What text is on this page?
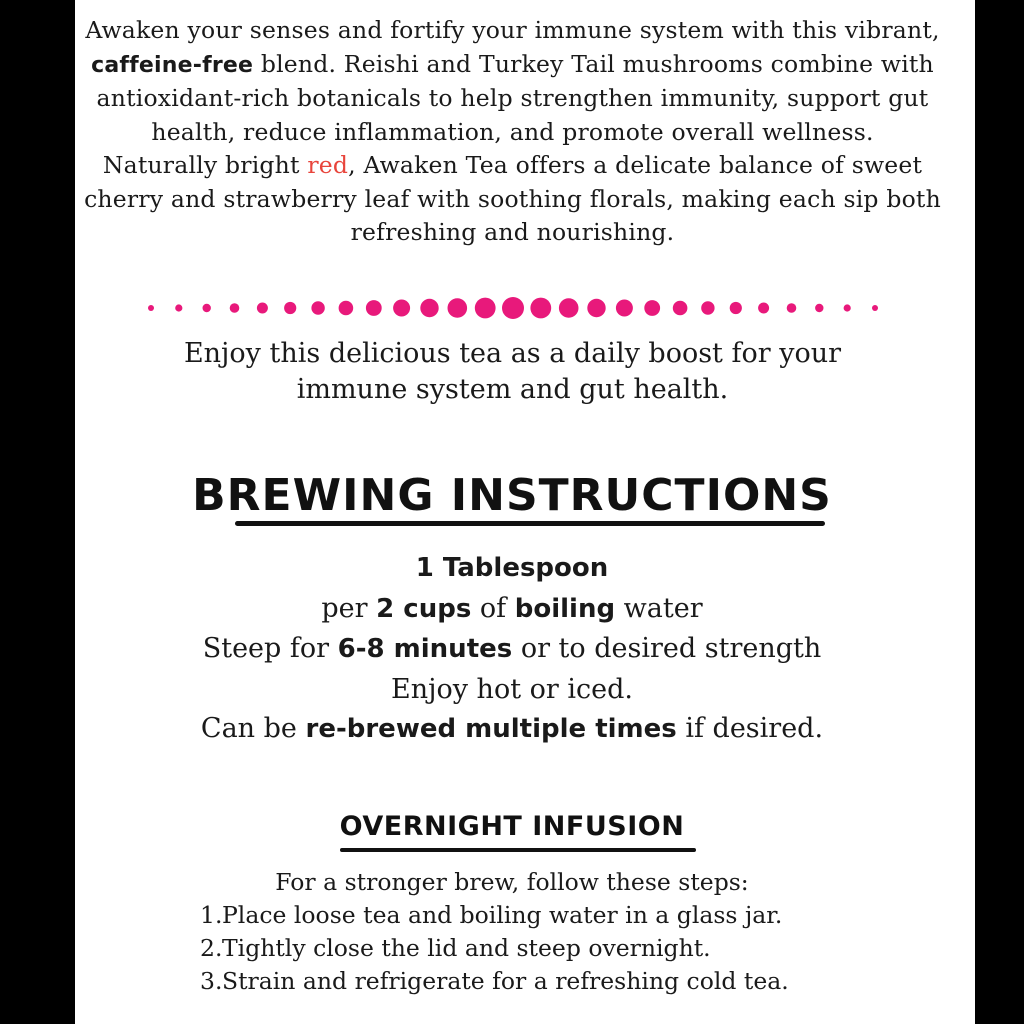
Awaken your senses and fortify your immune system with this vibrant, caffeine-free blend. Reishi and Turkey Tail mushrooms combine with antioxidant-rich botanicals to help strengthen immunity, support gut health, reduce inflammation, and promote overall wellness.

Naturally bright red, Awaken Tea offers a delicate balance of sweet cherry and strawberry leaf with soothing florals, making each sip both refreshing and nourishing.

Enjoy this delicious tea as a daily boost for your
immune system and gut health.
BREWING INSTRUCTIONS
1 Tablespoon
per 2 cups of boiling water
Steep for 6-8 minutes or to desired strength
Enjoy hot or iced.
Can be re-brewed multiple times if desired.
OVERNIGHT INFUSION
For a stronger brew, follow these steps:
1. Place loose tea and boiling water in a glass jar.
2. Tightly close the lid and steep overnight.
3. Strain and refrigerate for a refreshing cold tea.
